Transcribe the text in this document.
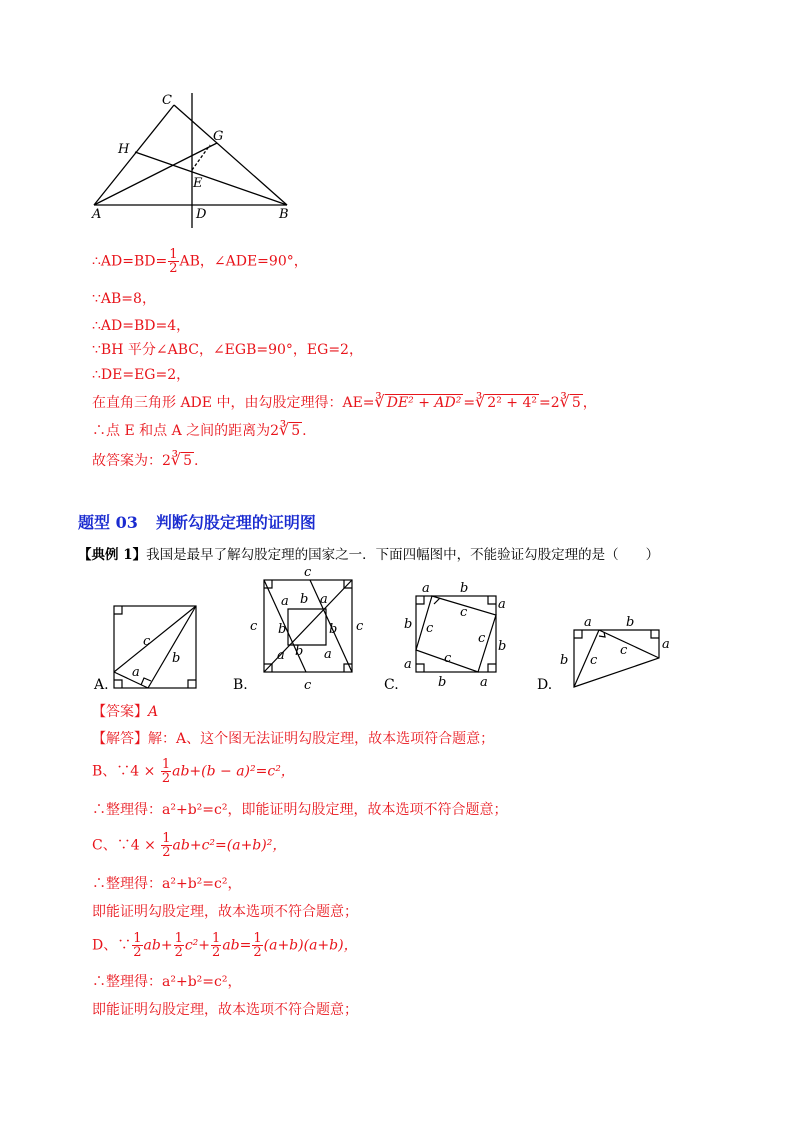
C
G
H
E
A	D	B
∴AD=BD= $\frac{1}{2}$ AB，∠ADE=90°，
∵AB=8，
∴AD=BD=4，
∵BH 平分∠ABC，∠EGB=90°，EG=2，
∴DE=EG=2，
在直角三角形 ADE 中，由勾股定理得：AE=∛ DE² + AD² =∛ 2² + 4² =2∛ 5 ，
∴点 E 和点 A 之间的距离为2∛ 5 .
故答案为：2∛ 5 .
题型 03 判断勾股定理的证明图
【典例 1】我国是最早了解勾股定理的国家之一．下面四幅图中，不能验证勾股定理的是（　　）
c
a
b
A.
c
c
c	c
a b a
b	b
a b a
B.
a b
a
b
b
a
b	a
c
c
c
c
C.
a	b
a
b c
c
D.
【答案】A
【解答】解：A、这个图无法证明勾股定理，故本选项符合题意；
B、∵4 × $\frac{1}{2} ab+(b - a)^2=c^2$，
∴整理得：a²+b²=c²，即能证明勾股定理，故本选项不符合题意；
C、∵4 × $\frac{1}{2} ab+c^2=(a+b)^2$，
∴整理得：a²+b²=c²，
即能证明勾股定理，故本选项不符合题意；
D、∵ $\frac{1}{2} ab+ \frac{1}{2} c^2+ \frac{1}{2} ab= \frac{1}{2} (a+b)(a+b)$，
∴整理得：a²+b²=c²，
即能证明勾股定理，故本选项不符合题意；
